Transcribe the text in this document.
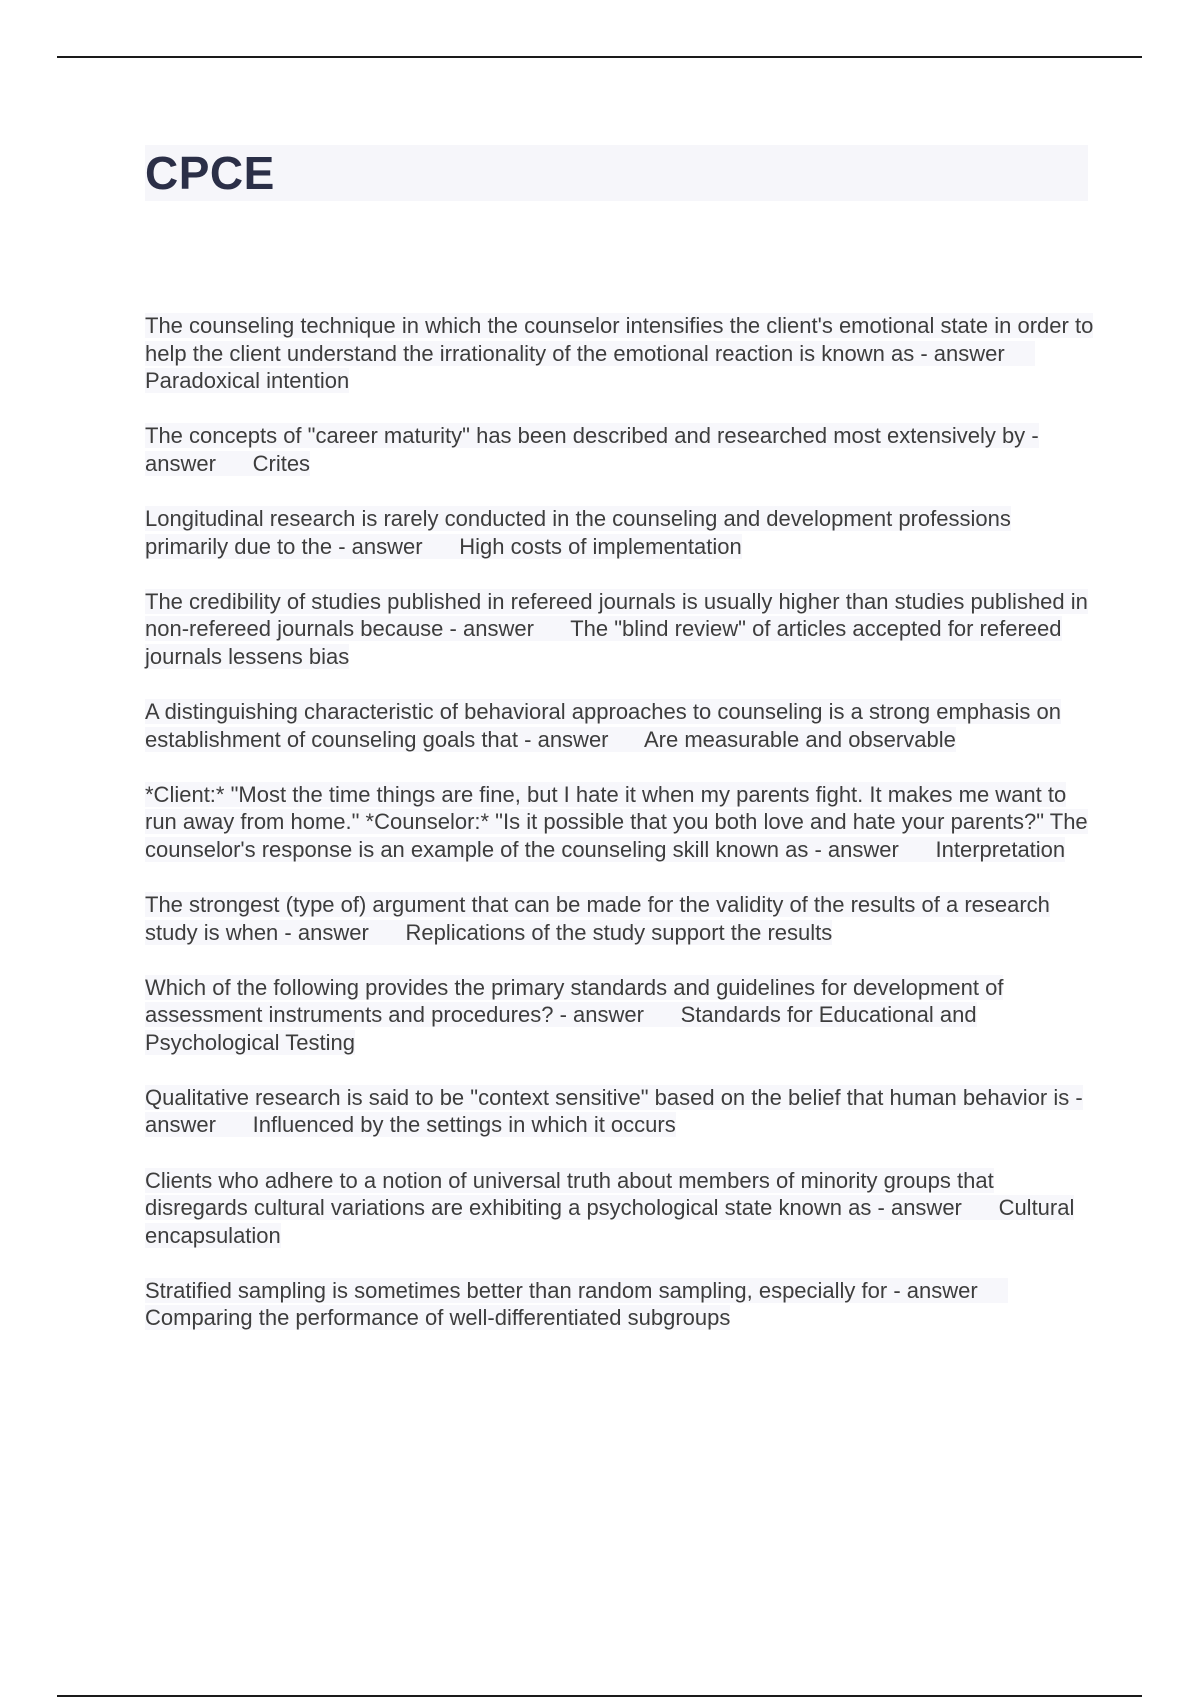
CPCE
The counseling technique in which the counselor intensifies the client's emotional state in order to help the client understand the irrationality of the emotional reaction is known as - answer      Paradoxical intention
The concepts of "career maturity" has been described and researched most extensively by - answer Crites
Longitudinal research is rarely conducted in the counseling and development professions primarily due to the - answer High costs of implementation
The credibility of studies published in refereed journals is usually higher than studies published in non-refereed journals because - answer The "blind review" of articles accepted for refereed journals lessens bias
A distinguishing characteristic of behavioral approaches to counseling is a strong emphasis on establishment of counseling goals that - answer Are measurable and observable
*Client:* "Most the time things are fine, but I hate it when my parents fight. It makes me want to run away from home." *Counselor:* "Is it possible that you both love and hate your parents?" The counselor's response is an example of the counseling skill known as - answer Interpretation
The strongest (type of) argument that can be made for the validity of the results of a research study is when - answer Replications of the study support the results
Which of the following provides the primary standards and guidelines for development of assessment instruments and procedures? - answer Standards for Educational and Psychological Testing
Qualitative research is said to be "context sensitive" based on the belief that human behavior is - answer Influenced by the settings in which it occurs
Clients who adhere to a notion of universal truth about members of minority groups that disregards cultural variations are exhibiting a psychological state known as - answer Cultural encapsulation
Stratified sampling is sometimes better than random sampling, especially for - answer      Comparing the performance of well-differentiated subgroups
